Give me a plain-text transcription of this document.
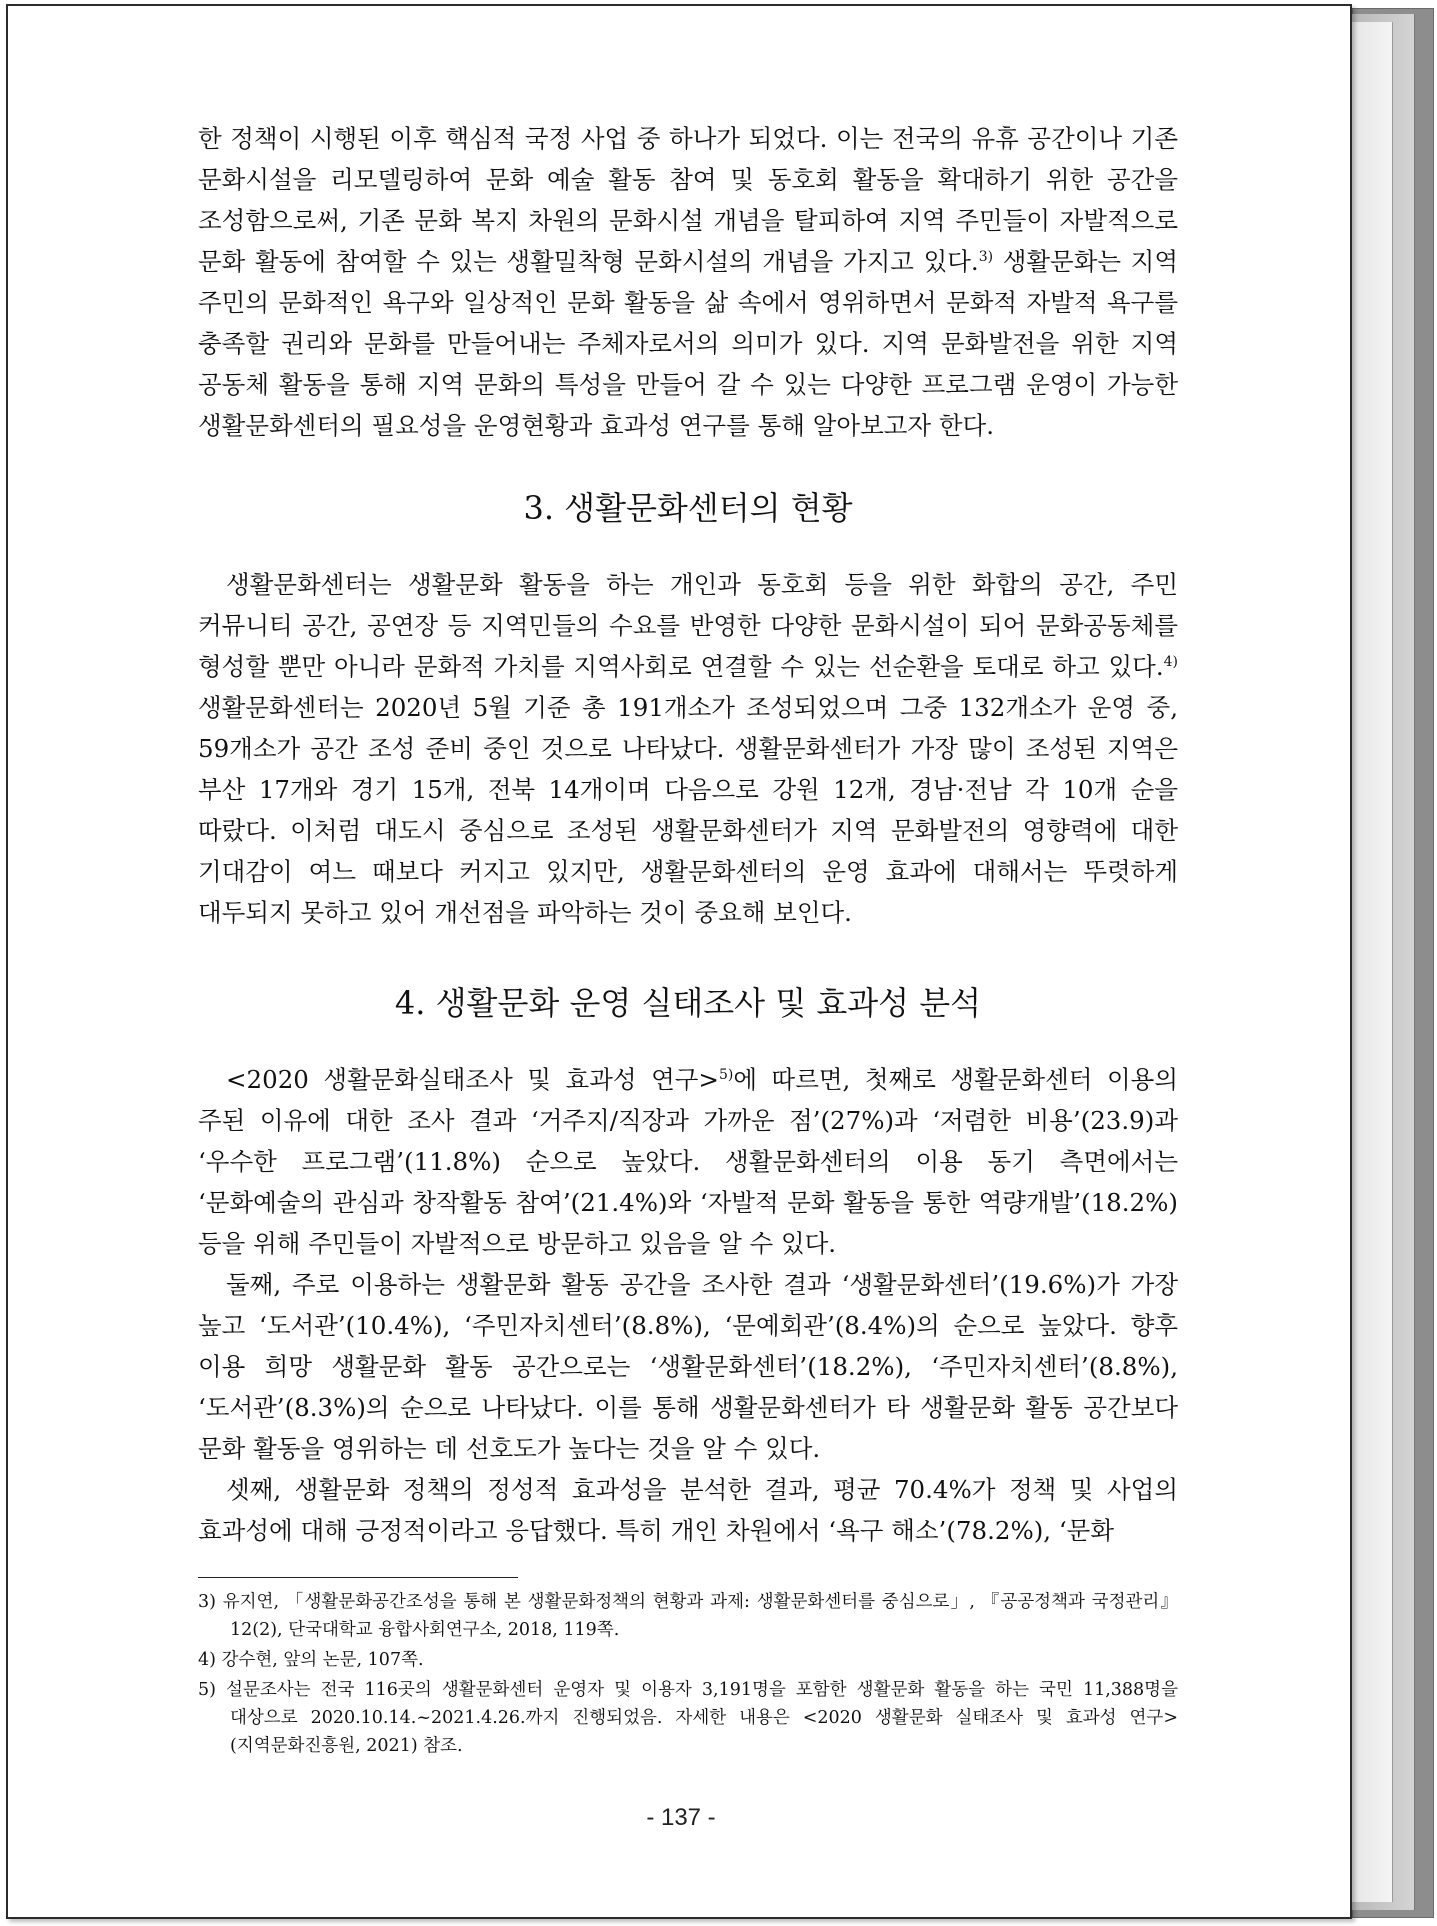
한 정책이 시행된 이후 핵심적 국정 사업 중 하나가 되었다. 이는 전국의 유휴 공간이나 기존 문화시설을 리모델링하여 문화 예술 활동 참여 및 동호회 활동을 확대하기 위한 공간을 조성함으로써, 기존 문화 복지 차원의 문화시설 개념을 탈피하여 지역 주민들이 자발적으로 문화 활동에 참여할 수 있는 생활밀착형 문화시설의 개념을 가지고 있다.$^{3)}$ 생활문화는 지역 주민의 문화적인 욕구와 일상적인 문화 활동을 삶 속에서 영위하면서 문화적 자발적 욕구를 충족할 권리와 문화를 만들어내는 주체자로서의 의미가 있다. 지역 문화발전을 위한 지역 공동체 활동을 통해 지역 문화의 특성을 만들어 갈 수 있는 다양한 프로그램 운영이 가능한 생활문화센터의 필요성을 운영현황과 효과성 연구를 통해 알아보고자 한다.

3. 생활문화센터의 현황

생활문화센터는 생활문화 활동을 하는 개인과 동호회 등을 위한 화합의 공간, 주민 커뮤니티 공간, 공연장 등 지역민들의 수요를 반영한 다양한 문화시설이 되어 문화공동체를 형성할 뿐만 아니라 문화적 가치를 지역사회로 연결할 수 있는 선순환을 토대로 하고 있다.$^{4)}$ 생활문화센터는 2020년 5월 기준 총 191개소가 조성되었으며 그중 132개소가 운영 중, 59개소가 공간 조성 준비 중인 것으로 나타났다. 생활문화센터가 가장 많이 조성된 지역은 부산 17개와 경기 15개, 전북 14개이며 다음으로 강원 12개, 경남·전남 각 10개 순을 따랐다. 이처럼 대도시 중심으로 조성된 생활문화센터가 지역 문화발전의 영향력에 대한 기대감이 여느 때보다 커지고 있지만, 생활문화센터의 운영 효과에 대해서는 뚜렷하게 대두되지 못하고 있어 개선점을 파악하는 것이 중요해 보인다.

4. 생활문화 운영 실태조사 및 효과성 분석

<2020 생활문화실태조사 및 효과성 연구>$^{5)}$에 따르면, 첫째로 생활문화센터 이용의 주된 이유에 대한 조사 결과 ‘거주지/직장과 가까운 점’(27%)과 ‘저렴한 비용’(23.9)과 ‘우수한 프로그램’(11.8%) 순으로 높았다. 생활문화센터의 이용 동기 측면에서는 ‘문화예술의 관심과 창작활동 참여’(21.4%)와 ‘자발적 문화 활동을 통한 역량개발’(18.2%) 등을 위해 주민들이 자발적으로 방문하고 있음을 알 수 있다.

둘째, 주로 이용하는 생활문화 활동 공간을 조사한 결과 ‘생활문화센터’(19.6%)가 가장 높고 ‘도서관’(10.4%), ‘주민자치센터’(8.8%), ‘문예회관’(8.4%)의 순으로 높았다. 향후 이용 희망 생활문화 활동 공간으로는 ‘생활문화센터’(18.2%), ‘주민자치센터’(8.8%), ‘도서관’(8.3%)의 순으로 나타났다. 이를 통해 생활문화센터가 타 생활문화 활동 공간보다 문화 활동을 영위하는 데 선호도가 높다는 것을 알 수 있다.

셋째, 생활문화 정책의 정성적 효과성을 분석한 결과, 평균 70.4%가 정책 및 사업의 효과성에 대해 긍정적이라고 응답했다. 특히 개인 차원에서 ‘욕구 해소’(78.2%), ‘문화

3) 유지연, 「생활문화공간조성을 통해 본 생활문화정책의 현황과 과제: 생활문화센터를 중심으로」, 『공공정책과 국정관리』 12(2), 단국대학교 융합사회연구소, 2018, 119쪽.

4) 강수현, 앞의 논문, 107쪽.

5) 설문조사는 전국 116곳의 생활문화센터 운영자 및 이용자 3,191명을 포함한 생활문화 활동을 하는 국민 11,388명을 대상으로 2020.10.14.~2021.4.26.까지 진행되었음. 자세한 내용은 <2020 생활문화 실태조사 및 효과성 연구>(지역문화진흥원, 2021) 참조.

- 137 -
